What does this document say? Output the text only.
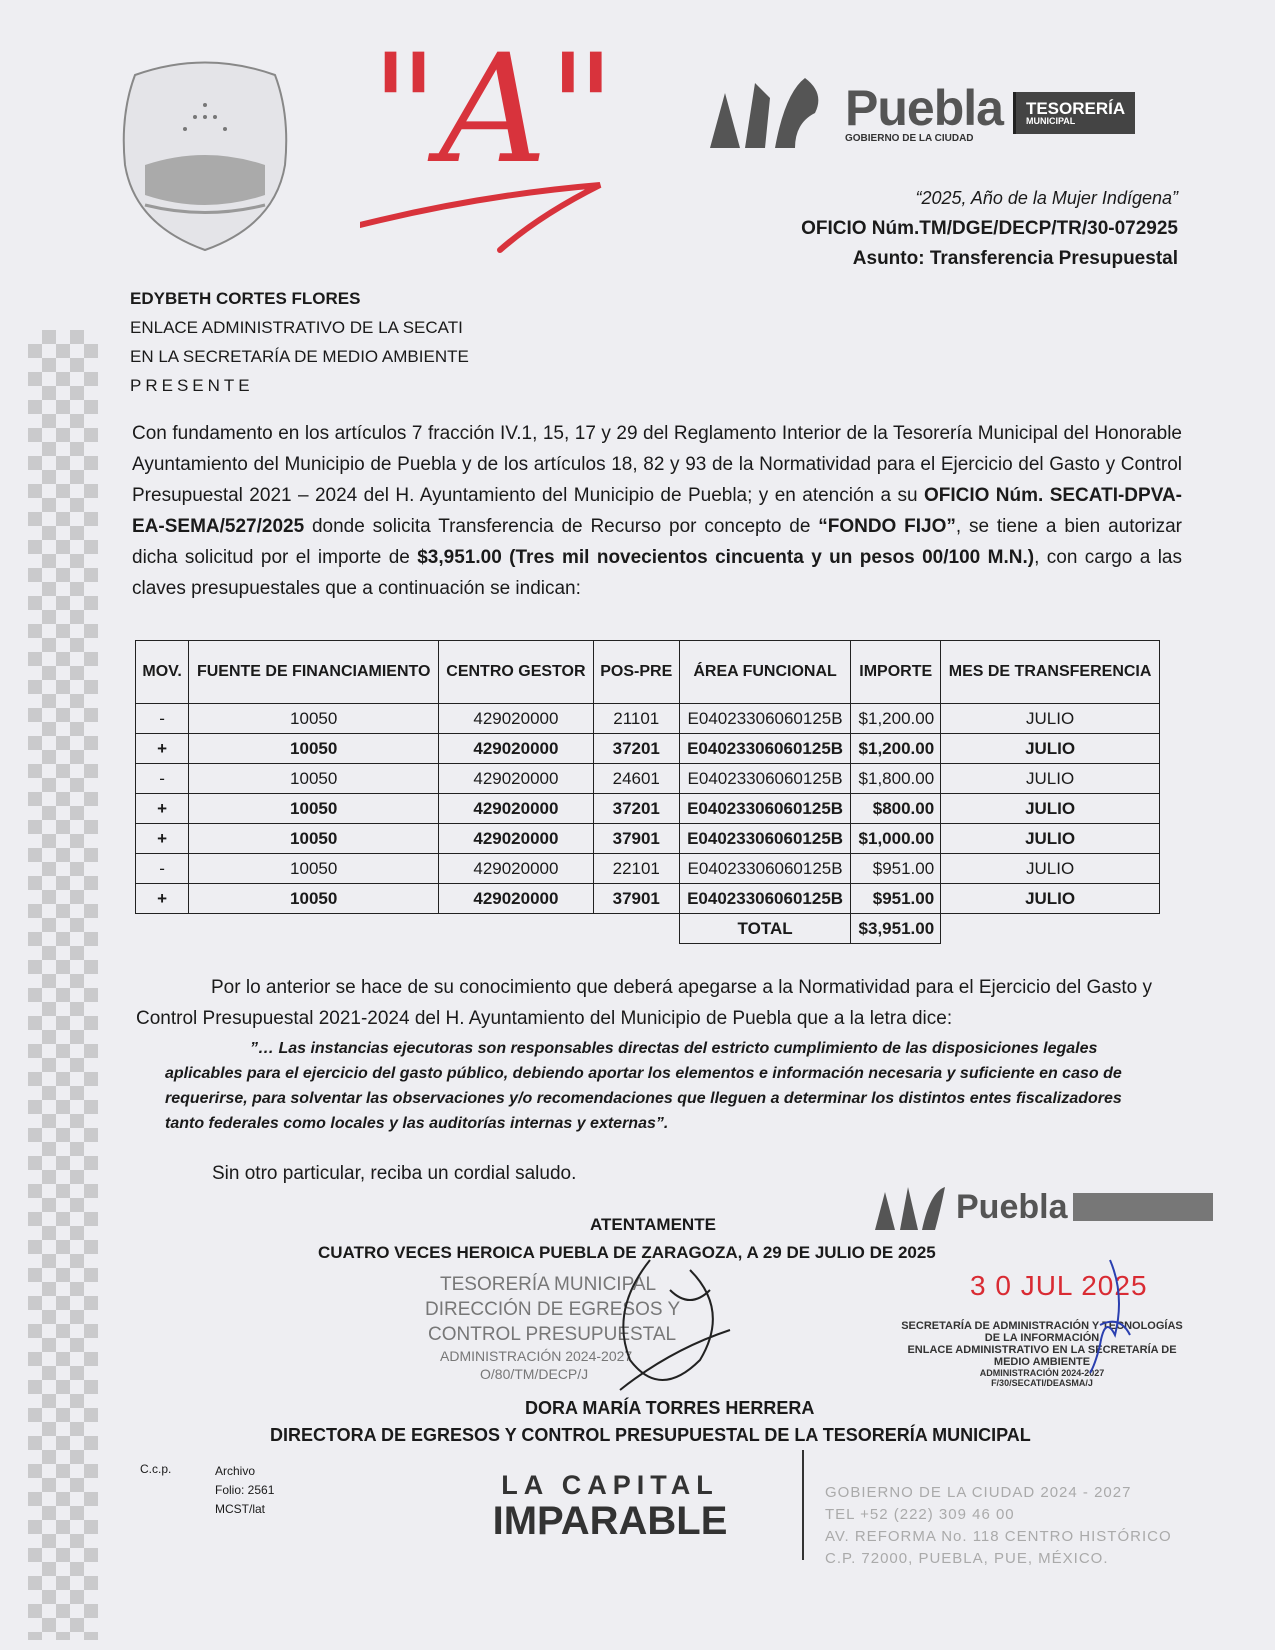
"A"	Puebla
GOBIERNO DE LA CIUDAD
TESORERÍA
MUNICIPAL
“2025, Año de la Mujer Indígena”
OFICIO Núm.TM/DGE/DECP/TR/30-072925
Asunto: Transferencia Presupuestal
EDYBETH CORTES FLORES
ENLACE ADMINISTRATIVO DE LA SECATI
EN LA SECRETARÍA DE MEDIO AMBIENTE
PRESENTE
Con fundamento en los artículos 7 fracción IV.1, 15, 17 y 29 del Reglamento Interior de la Tesorería Municipal del Honorable Ayuntamiento del Municipio de Puebla y de los artículos 18, 82 y 93 de la Normatividad para el Ejercicio del Gasto y Control Presupuestal 2021 – 2024 del H. Ayuntamiento del Municipio de Puebla; y en atención a su OFICIO Núm. SECATI-DPVA-EA-SEMA/527/2025 donde solicita Transferencia de Recurso por concepto de “FONDO FIJO”, se tiene a bien autorizar dicha solicitud por el importe de $3,951.00 (Tres mil novecientos cincuenta y un pesos 00/100 M.N.), con cargo a las claves presupuestales que a continuación se indican:
MOV.	FUENTE DE FINANCIAMIENTO	CENTRO GESTOR	POS-PRE	ÁREA FUNCIONAL	IMPORTE	MES DE TRANSFERENCIA
-	10050	429020000	21101	E04023306060125B	$1,200.00	JULIO
+	10050	429020000	37201	E04023306060125B	$1,200.00	JULIO
-	10050	429020000	24601	E04023306060125B	$1,800.00	JULIO
+	10050	429020000	37201	E04023306060125B	$800.00	JULIO
+	10050	429020000	37901	E04023306060125B	$1,000.00	JULIO
-	10050	429020000	22101	E04023306060125B	$951.00	JULIO
+	10050	429020000	37901	E04023306060125B	$951.00	JULIO
				TOTAL	$3,951.00	
Por lo anterior se hace de su conocimiento que deberá apegarse a la Normatividad para el Ejercicio del Gasto y Control Presupuestal 2021-2024 del H. Ayuntamiento del Municipio de Puebla que a la letra dice:
”… Las instancias ejecutoras son responsables directas del estricto cumplimiento de las disposiciones legales aplicables para el ejercicio del gasto público, debiendo aportar los elementos e información necesaria y suficiente en caso de requerirse, para solventar las observaciones y/o recomendaciones que lleguen a determinar los distintos entes fiscalizadores tanto federales como locales y las auditorías internas y externas”.
Sin otro particular, reciba un cordial saludo.
ATENTAMENTE
CUATRO VECES HEROICA PUEBLA DE ZARAGOZA, A 29 DE JULIO DE 2025
TESORERÍA MUNICIPAL
DIRECCIÓN DE EGRESOS Y
CONTROL PRESUPUESTAL
ADMINISTRACIÓN 2024-2027
O/80/TM/DECP/J
DORA MARÍA TORRES HERRERA
DIRECTORA DE EGRESOS Y CONTROL PRESUPUESTAL DE LA TESORERÍA MUNICIPAL
Puebla
3 0 JUL 2025
SECRETARÍA DE ADMINISTRACIÓN Y TECNOLOGÍAS
DE LA INFORMACIÓN
ENLACE ADMINISTRATIVO EN LA SECRETARÍA DE
MEDIO AMBIENTE
ADMINISTRACIÓN 2024-2027
F/30/SECATI/DEASMA/J
C.c.p.	Archivo
Folio: 2561
MCST/lat
LA CAPITAL
IMPARABLE
GOBIERNO DE LA CIUDAD 2024 - 2027
TEL +52 (222) 309 46 00
AV. REFORMA No. 118 CENTRO HISTÓRICO
C.P. 72000, PUEBLA, PUE, MÉXICO.
